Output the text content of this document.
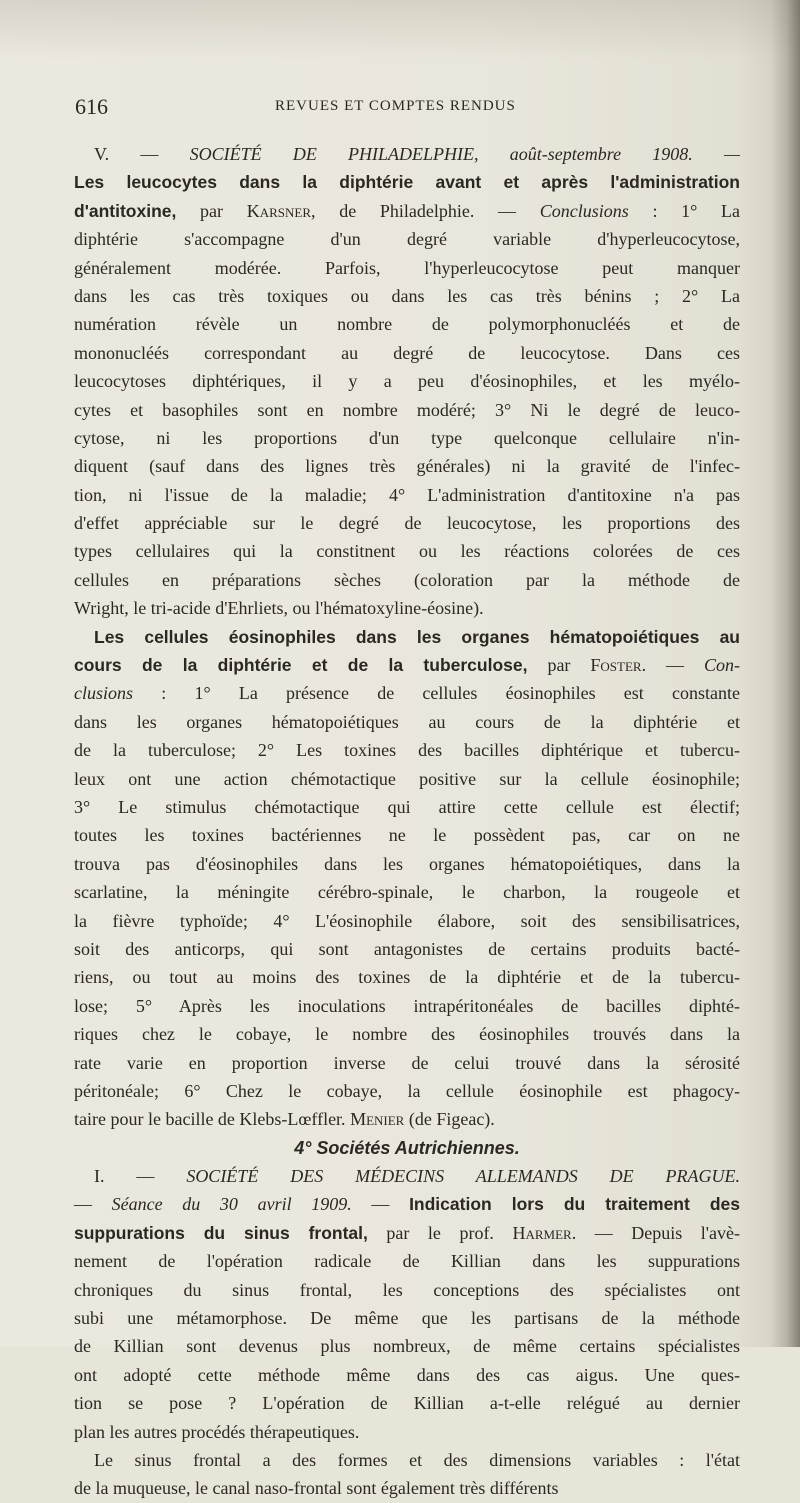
616	REVUES ET COMPTES RENDUS
V. — SOCIÉTÉ DE PHILADELPHIE, août-septembre 1908. —
Les leucocytes dans la diphtérie avant et après l'administration
d'antitoxine, par Karsner, de Philadelphie. — Conclusions : 1° La
diphtérie s'accompagne d'un degré variable d'hyperleucocytose,
généralement modérée. Parfois, l'hyperleucocytose peut manquer
dans les cas très toxiques ou dans les cas très bénins ; 2° La
numération révèle un nombre de polymorphonucléés et de
mononucléés correspondant au degré de leucocytose. Dans ces
leucocytoses diphtériques, il y a peu d'éosinophiles, et les myélo-
cytes et basophiles sont en nombre modéré; 3° Ni le degré de leuco-
cytose, ni les proportions d'un type quelconque cellulaire n'in-
diquent (sauf dans des lignes très générales) ni la gravité de l'infec-
tion, ni l'issue de la maladie; 4° L'administration d'antitoxine n'a pas
d'effet appréciable sur le degré de leucocytose, les proportions des
types cellulaires qui la constitnent ou les réactions colorées de ces
cellules en préparations sèches (coloration par la méthode de
Wright, le tri-acide d'Ehrliets, ou l'hématoxyline-éosine).
Les cellules éosinophiles dans les organes hématopoiétiques au
cours de la diphtérie et de la tuberculose, par Foster. — Con-
clusions : 1° La présence de cellules éosinophiles est constante
dans les organes hématopoiétiques au cours de la diphtérie et
de la tuberculose; 2° Les toxines des bacilles diphtérique et tubercu-
leux ont une action chémotactique positive sur la cellule éosinophile;
3° Le stimulus chémotactique qui attire cette cellule est électif;
toutes les toxines bactériennes ne le possèdent pas, car on ne
trouva pas d'éosinophiles dans les organes hématopoiétiques, dans la
scarlatine, la méningite cérébro-spinale, le charbon, la rougeole et
la fièvre typhoïde; 4° L'éosinophile élabore, soit des sensibilisatrices,
soit des anticorps, qui sont antagonistes de certains produits bacté-
riens, ou tout au moins des toxines de la diphtérie et de la tubercu-
lose; 5° Après les inoculations intrapéritonéales de bacilles diphté-
riques chez le cobaye, le nombre des éosinophiles trouvés dans la
rate varie en proportion inverse de celui trouvé dans la sérosité
péritonéale; 6° Chez le cobaye, la cellule éosinophile est phagocy-
taire pour le bacille de Klebs-Lœffler. Menier (de Figeac).
4° Sociétés Autrichiennes.
I. — SOCIÉTÉ DES MÉDECINS ALLEMANDS DE PRAGUE.
— Séance du 30 avril 1909. — Indication lors du traitement des
suppurations du sinus frontal, par le prof. Harmer. — Depuis l'avè-
nement de l'opération radicale de Killian dans les suppurations
chroniques du sinus frontal, les conceptions des spécialistes ont
subi une métamorphose. De même que les partisans de la méthode
de Killian sont devenus plus nombreux, de même certains spécialistes
ont adopté cette méthode même dans des cas aigus. Une ques-
tion se pose ? L'opération de Killian a-t-elle relégué au dernier
plan les autres procédés thérapeutiques.
Le sinus frontal a des formes et des dimensions variables : l'état
de la muqueuse, le canal naso-frontal sont également très différents
